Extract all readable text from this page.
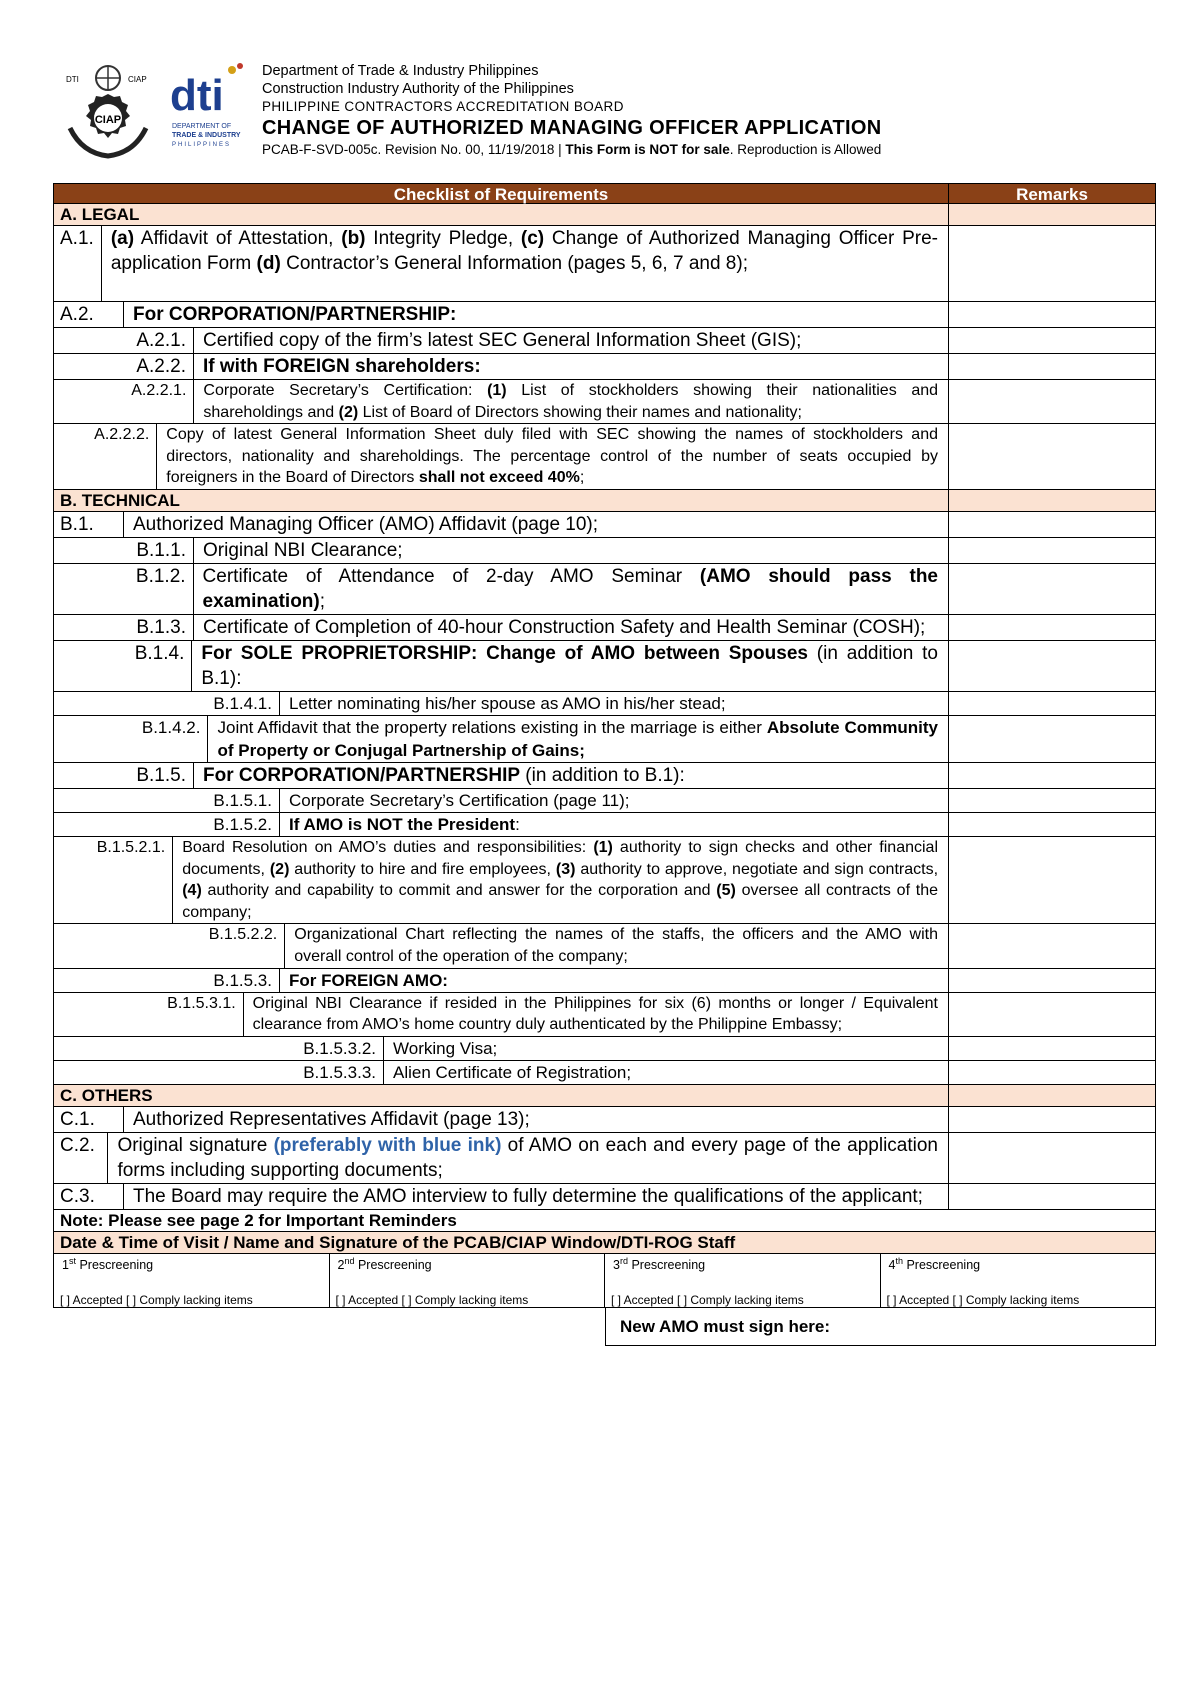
DTI	CIAP
CIAP dti
DEPARTMENT OF
TRADE & INDUSTRY
PHILIPPINES
Department of Trade & Industry Philippines
Construction Industry Authority of the Philippines
PHILIPPINE CONTRACTORS ACCREDITATION BOARD
CHANGE OF AUTHORIZED MANAGING OFFICER APPLICATION
PCAB-F-SVD-005c. Revision No. 00, 11/19/2018 | This Form is NOT for sale. Reproduction is Allowed
Checklist of Requirements	Remarks
A. LEGAL
A.1. (a) Affidavit of Attestation, (b) Integrity Pledge, (c) Change of Authorized Managing Officer Pre-application Form (d) Contractor’s General Information (pages 5, 6, 7 and 8);
A.2.	For CORPORATION/PARTNERSHIP:
A.2.1. Certified copy of the firm’s latest SEC General Information Sheet (GIS);
A.2.2. If with FOREIGN shareholders:
A.2.2.1.	Corporate Secretary’s Certification: (1) List of stockholders showing their nationalities and shareholdings and (2) List of Board of Directors showing their names and nationality;
A.2.2.2.	Copy of latest General Information Sheet duly filed with SEC showing the names of stockholders and directors, nationality and shareholdings. The percentage control of the number of seats occupied by foreigners in the Board of Directors shall not exceed 40%;
B. TECHNICAL
B.1.	Authorized Managing Officer (AMO) Affidavit (page 10);
B.1.1. Original NBI Clearance;
B.1.2. Certificate of Attendance of 2-day AMO Seminar (AMO should pass the examination);
B.1.3. Certificate of Completion of 40-hour Construction Safety and Health Seminar (COSH);
B.1.4. For SOLE PROPRIETORSHIP: Change of AMO between Spouses (in addition to B.1):
B.1.4.1.	Letter nominating his/her spouse as AMO in his/her stead;
B.1.4.2.	Joint Affidavit that the property relations existing in the marriage is either Absolute Community of Property or Conjugal Partnership of Gains;
B.1.5. For CORPORATION/PARTNERSHIP (in addition to B.1):
B.1.5.1.	Corporate Secretary’s Certification (page 11);
B.1.5.2.	If AMO is NOT the President:
B.1.5.2.1.	Board Resolution on AMO’s duties and responsibilities: (1) authority to sign checks and other financial documents, (2) authority to hire and fire employees, (3) authority to approve, negotiate and sign contracts, (4) authority and capability to commit and answer for the corporation and (5) oversee all contracts of the company;
B.1.5.2.2.	Organizational Chart reflecting the names of the staffs, the officers and the AMO with overall control of the operation of the company;
B.1.5.3.	For FOREIGN AMO:
B.1.5.3.1.	Original NBI Clearance if resided in the Philippines for six (6) months or longer / Equivalent clearance from AMO’s home country duly authenticated by the Philippine Embassy;
B.1.5.3.2.	Working Visa;
B.1.5.3.3.	Alien Certificate of Registration;
C. OTHERS
C.1.	Authorized Representatives Affidavit (page 13);
C.2.	Original signature (preferably with blue ink) of AMO on each and every page of the application forms including supporting documents;
C.3.	The Board may require the AMO interview to fully determine the qualifications of the applicant;
Note: Please see page 2 for Important Reminders
Date & Time of Visit / Name and Signature of the PCAB/CIAP Window/DTI-ROG Staff
1st Prescreening
[ ] Accepted [ ] Comply lacking items
2nd Prescreening
[ ] Accepted [ ] Comply lacking items
3rd Prescreening
[ ] Accepted [ ] Comply lacking items
4th Prescreening
[ ] Accepted [ ] Comply lacking items
New AMO must sign here:
